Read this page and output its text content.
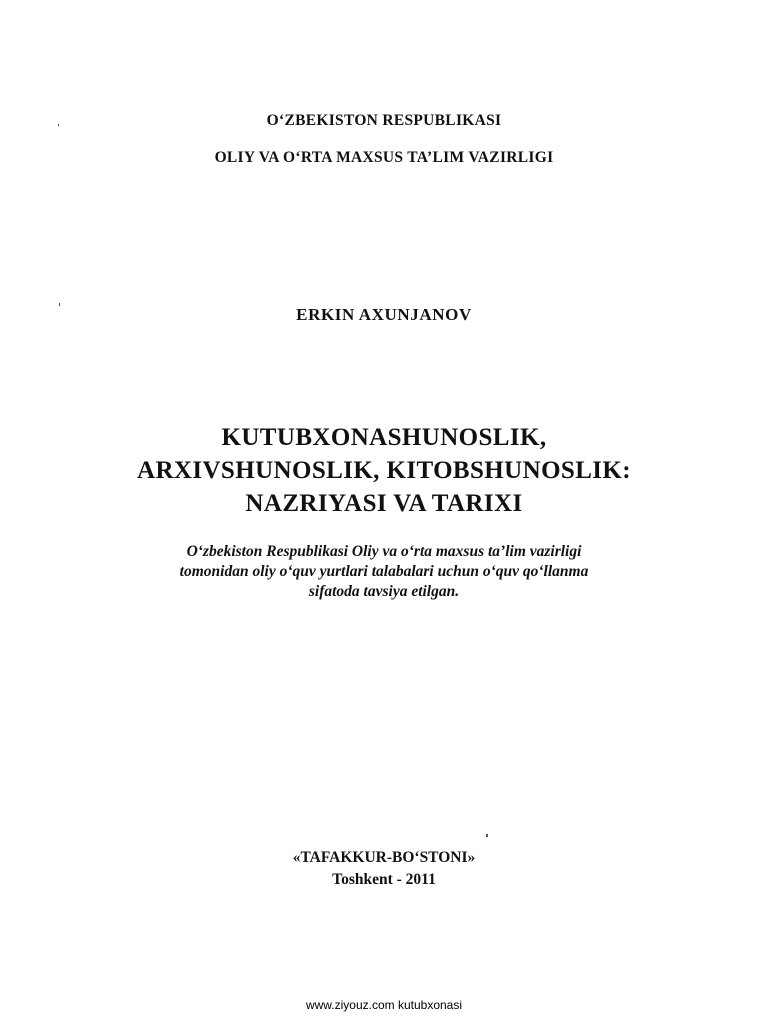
O‘ZBEKISTON RESPUBLIKASI
OLIY VA O‘RTA MAXSUS TA’LIM VAZIRLIGI
ERKIN AXUNJANOV
KUTUBXONASHUNOSLIK,
ARXIVSHUNOSLIK, KITOBSHUNOSLIK:
NAZRIYASI VA TARIXI
O‘zbekiston Respublikasi Oliy va o‘rta maxsus ta’lim vazirligi
tomonidan oliy o‘quv yurtlari talabalari uchun o‘quv qo‘llanma
sifatoda tavsiya etilgan.
«TAFAKKUR-BO‘STONI»
Toshkent - 2011
www.ziyouz.com kutubxonasi
